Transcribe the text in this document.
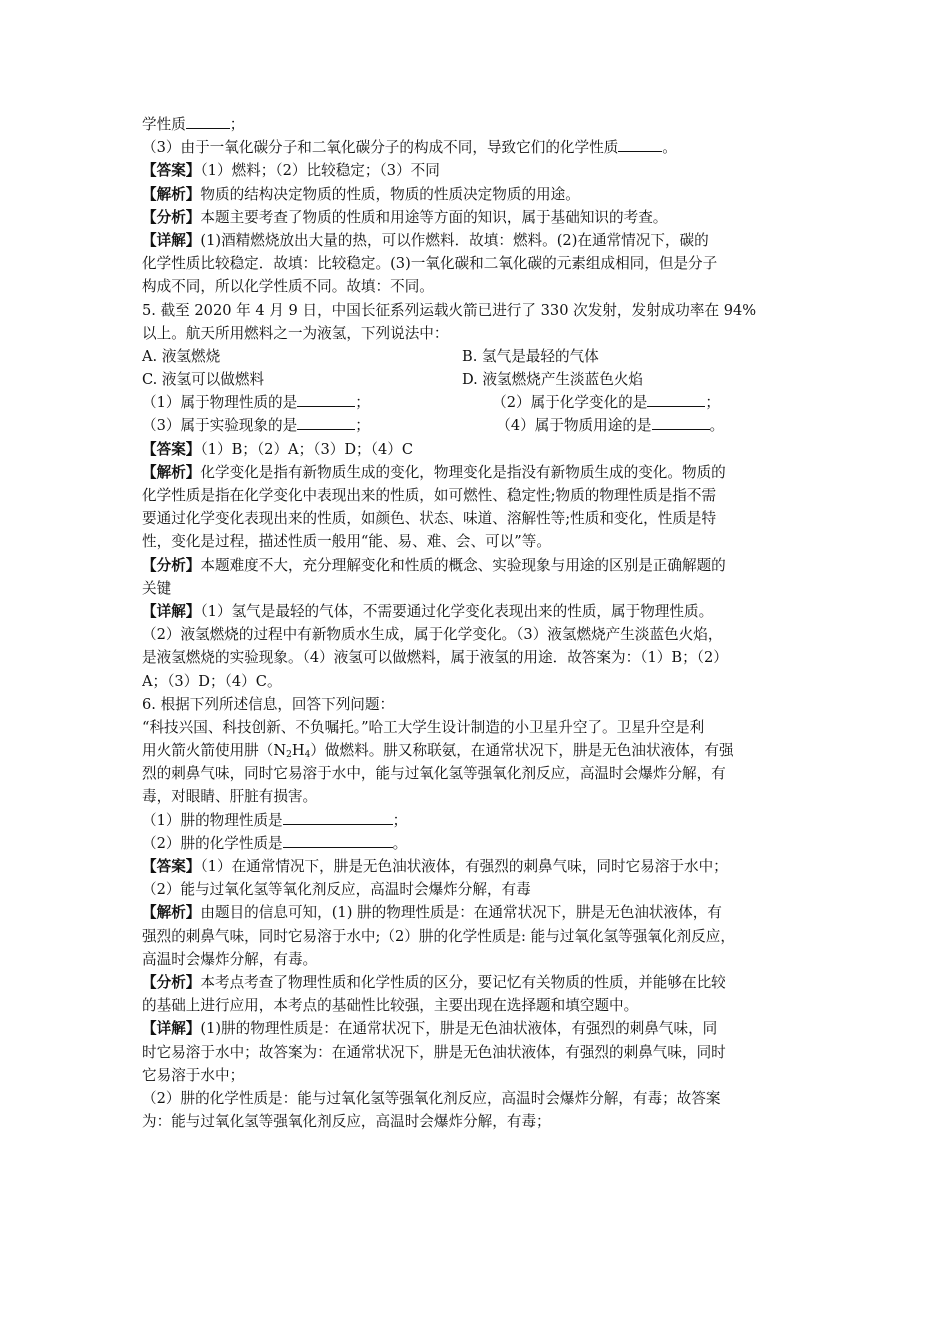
学性质	；
（3）由于一氧化碳分子和二氧化碳分子的构成不同，导致它们的化学性质	。
【答案】（1）燃料；（2）比较稳定；（3）不同
【解析】物质的结构决定物质的性质，物质的性质决定物质的用途。
【分析】本题主要考查了物质的性质和用途等方面的知识，属于基础知识的考查。
【详解】(1)酒精燃烧放出大量的热，可以作燃料．故填：燃料。(2)在通常情况下，碳的
化学性质比较稳定．故填：比较稳定。(3)一氧化碳和二氧化碳的元素组成相同，但是分子
构成不同，所以化学性质不同。故填：不同。
5. 截至 2020 年 4 月 9 日，中国长征系列运载火箭已进行了 330 次发射，发射成功率在 94%
以上。航天所用燃料之一为液氢，下列说法中：
A. 液氢燃烧	B. 氢气是最轻的气体
C. 液氢可以做燃料	D. 液氢燃烧产生淡蓝色火焰
（1）属于物理性质的是	；	（2）属于化学变化的是	；
（3）属于实验现象的是	；	（4）属于物质用途的是	。
【答案】（1）B；（2）A；（3）D；（4）C
【解析】化学变化是指有新物质生成的变化，物理变化是指没有新物质生成的变化。物质的
化学性质是指在化学变化中表现出来的性质，如可燃性、稳定性;物质的物理性质是指不需
要通过化学变化表现出来的性质，如颜色、状态、味道、溶解性等;性质和变化，性质是特
性，变化是过程，描述性质一般用“能、易、难、会、可以”等。
【分析】本题难度不大，充分理解变化和性质的概念、实验现象与用途的区别是正确解题的
关键
【详解】（1）氢气是最轻的气体，不需要通过化学变化表现出来的性质，属于物理性质。
（2）液氢燃烧的过程中有新物质水生成，属于化学变化。（3）液氢燃烧产生淡蓝色火焰，
是液氢燃烧的实验现象。（4）液氢可以做燃料，属于液氢的用途．故答案为：（1）B；（2）
A；（3）D；（4）C。
6. 根据下列所述信息，回答下列问题：
“科技兴国、科技创新、不负嘱托。”哈工大学生设计制造的小卫星升空了。卫星升空是利
用火箭火箭使用肼$(N_2H_4)$做燃料。肼又称联氨，在通常状况下，肼是无色油状液体，有强
烈的刺鼻气味，同时它易溶于水中，能与过氧化氢等强氧化剂反应，高温时会爆炸分解，有
毒，对眼睛、肝脏有损害。
（1）肼的物理性质是	；
（2）肼的化学性质是	。
【答案】（1）在通常情况下，肼是无色油状液体，有强烈的刺鼻气味，同时它易溶于水中；
（2）能与过氧化氢等氧化剂反应，高温时会爆炸分解，有毒
【解析】由题目的信息可知，(1) 肼的物理性质是：在通常状况下，肼是无色油状液体，有
强烈的刺鼻气味，同时它易溶于水中;（2）肼的化学性质是: 能与过氧化氢等强氧化剂反应，
高温时会爆炸分解，有毒。
【分析】本考点考查了物理性质和化学性质的区分，要记忆有关物质的性质，并能够在比较
的基础上进行应用，本考点的基础性比较强，主要出现在选择题和填空题中。
【详解】(1)肼的物理性质是：在通常状况下，肼是无色油状液体，有强烈的刺鼻气味，同
时它易溶于水中；故答案为：在通常状况下，肼是无色油状液体，有强烈的刺鼻气味，同时
它易溶于水中；
（2）肼的化学性质是：能与过氧化氢等强氧化剂反应，高温时会爆炸分解，有毒；故答案
为：能与过氧化氢等强氧化剂反应，高温时会爆炸分解，有毒；
